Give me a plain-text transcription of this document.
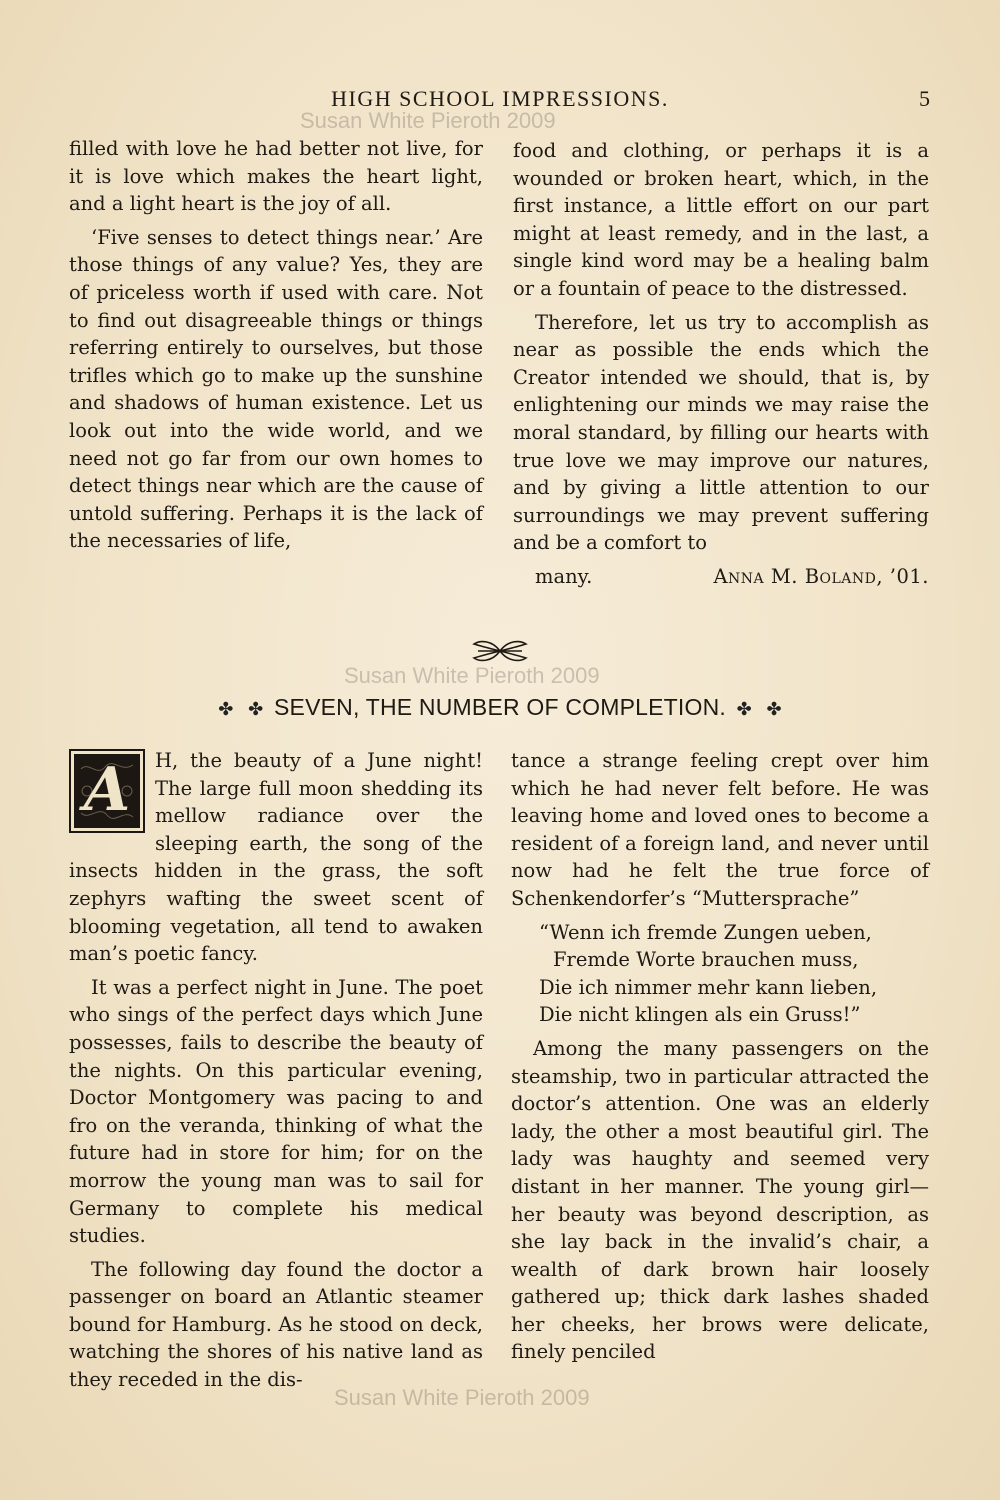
HIGH SCHOOL IMPRESSIONS.	5
Susan White Pieroth 2009
Susan White Pieroth 2009
Susan White Pieroth 2009

filled with love he had better not live, for it is love which makes the heart light, and a light heart is the joy of all.

‘Five senses to detect things near.’ Are those things of any value? Yes, they are of priceless worth if used with care. Not to find out disagreeable things or things referring entirely to ourselves, but those trifles which go to make up the sunshine and shadows of human existence. Let us look out into the wide world, and we need not go far from our own homes to detect things near which are the cause of untold suffering. Perhaps it is the lack of the necessaries of life,

food and clothing, or perhaps it is a wounded or broken heart, which, in the first instance, a little effort on our part might at least remedy, and in the last, a single kind word may be a healing balm or a fountain of peace to the distressed.

Therefore, let us try to accomplish as near as possible the ends which the Creator intended we should, that is, by enlightening our minds we may raise the moral standard, by filling our hearts with true love we may improve our natures, and by giving a little attention to our surroundings we may prevent suffering and be a comfort to

many.	Anna M. Boland, ’01.

✤ ✤ SEVEN, THE NUMBER OF COMPLETION. ✤ ✤

A	H, the beauty of a June night! The large full moon shedding its mellow radiance over the sleeping earth, the song of the insects hidden in the grass, the soft zephyrs wafting the sweet scent of blooming vegetation, all tend to awaken man’s poetic fancy.

It was a perfect night in June. The poet who sings of the perfect days which June possesses, fails to describe the beauty of the nights. On this particular evening, Doctor Montgomery was pacing to and fro on the veranda, thinking of what the future had in store for him; for on the morrow the young man was to sail for Germany to complete his medical studies.

The following day found the doctor a passenger on board an Atlantic steamer bound for Hamburg. As he stood on deck, watching the shores of his native land as they receded in the dis-

tance a strange feeling crept over him which he had never felt before. He was leaving home and loved ones to become a resident of a foreign land, and never until now had he felt the true force of Schenkendorfer’s “Muttersprache”

“Wenn ich fremde Zungen ueben,
Fremde Worte brauchen muss,
Die ich nimmer mehr kann lieben,
Die nicht klingen als ein Gruss!”

Among the many passengers on the steamship, two in particular attracted the doctor’s attention. One was an elderly lady, the other a most beautiful girl. The lady was haughty and seemed very distant in her manner. The young girl—her beauty was beyond description, as she lay back in the invalid’s chair, a wealth of dark brown hair loosely gathered up; thick dark lashes shaded her cheeks, her brows were delicate, finely penciled
